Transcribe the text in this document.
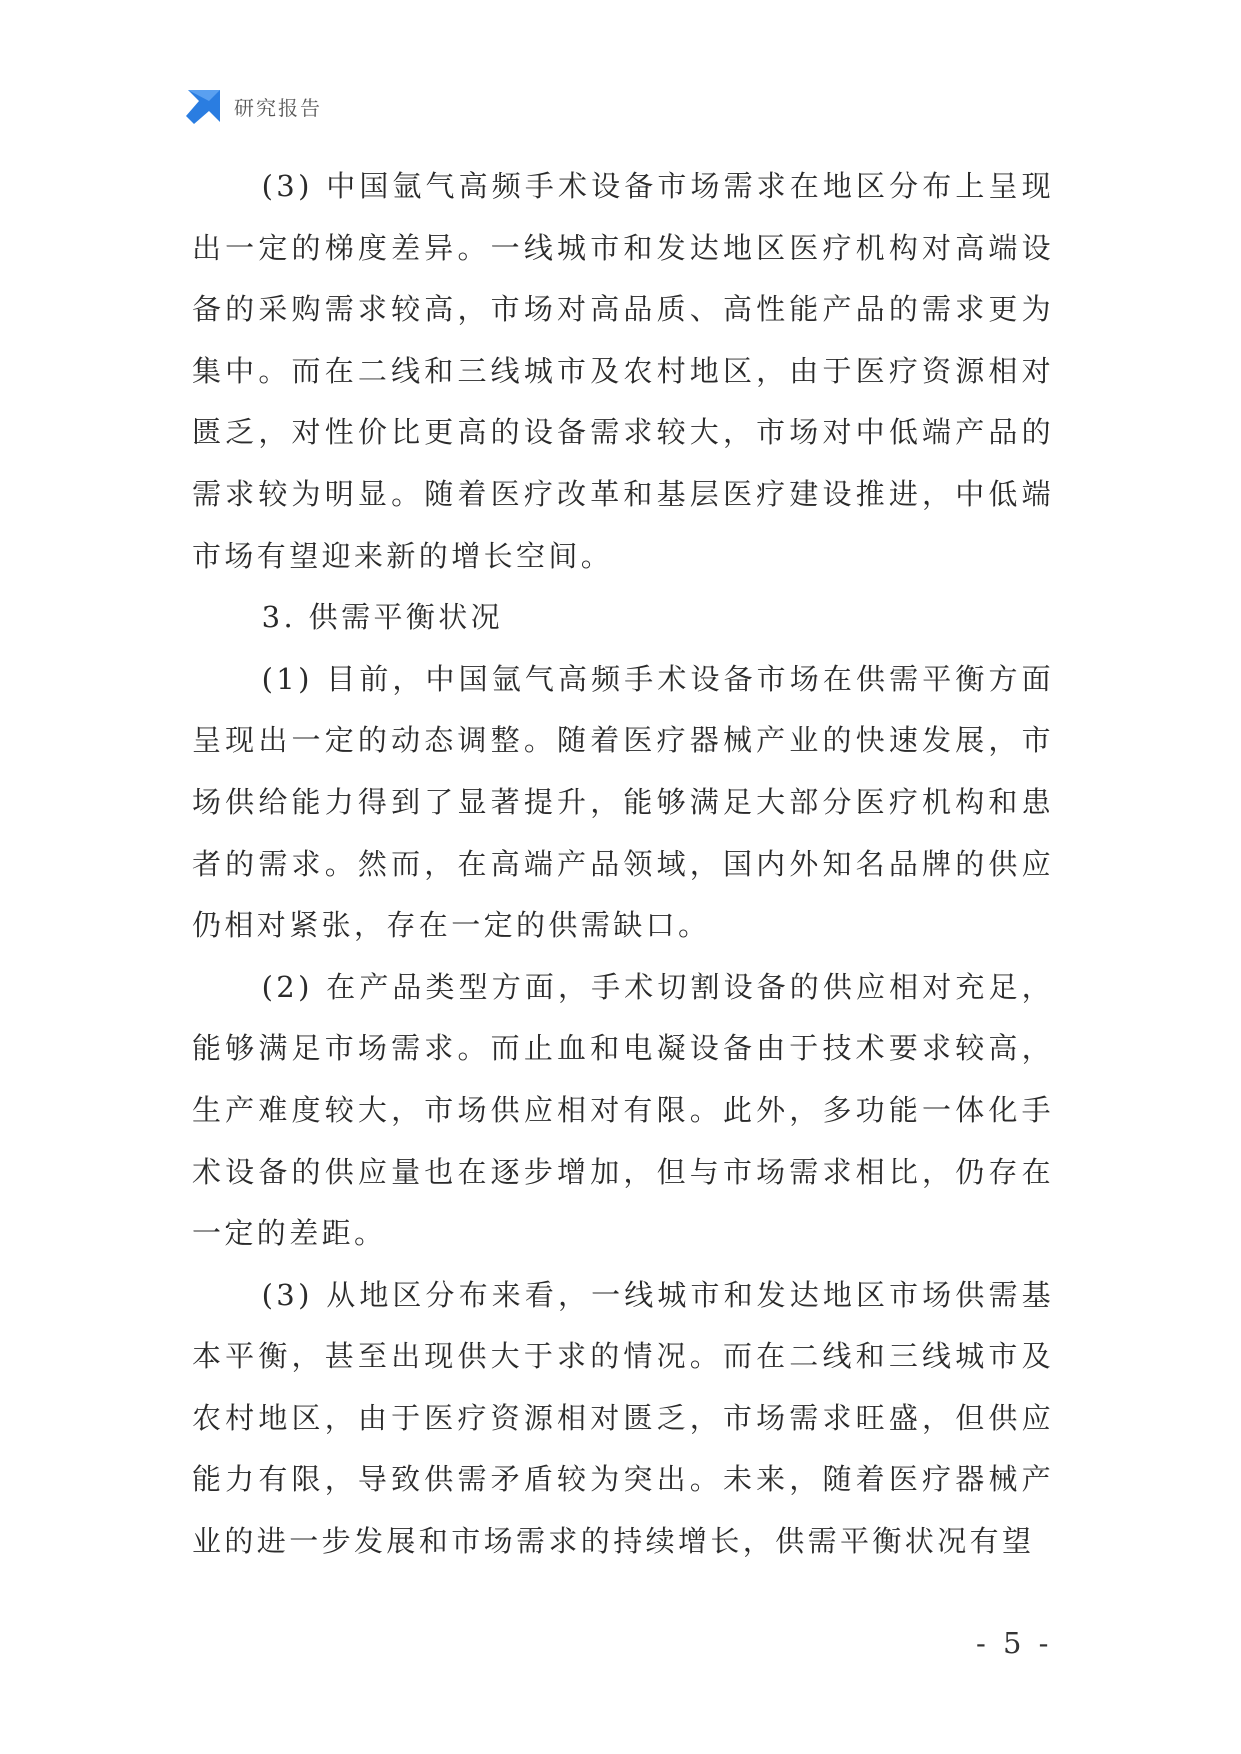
研究报告

(3) 中国氩气高频手术设备市场需求在地区分布上呈现出一定的梯度差异。一线城市和发达地区医疗机构对高端设备的采购需求较高，市场对高品质、高性能产品的需求更为集中。而在二线和三线城市及农村地区，由于医疗资源相对匮乏，对性价比更高的设备需求较大，市场对中低端产品的需求较为明显。随着医疗改革和基层医疗建设推进，中低端市场有望迎来新的增长空间。

3. 供需平衡状况

(1) 目前，中国氩气高频手术设备市场在供需平衡方面呈现出一定的动态调整。随着医疗器械产业的快速发展，市场供给能力得到了显著提升，能够满足大部分医疗机构和患者的需求。然而，在高端产品领域，国内外知名品牌的供应仍相对紧张，存在一定的供需缺口。

(2) 在产品类型方面，手术切割设备的供应相对充足，能够满足市场需求。而止血和电凝设备由于技术要求较高，生产难度较大，市场供应相对有限。此外，多功能一体化手术设备的供应量也在逐步增加，但与市场需求相比，仍存在一定的差距。

(3) 从地区分布来看，一线城市和发达地区市场供需基本平衡，甚至出现供大于求的情况。而在二线和三线城市及农村地区，由于医疗资源相对匮乏，市场需求旺盛，但供应能力有限，导致供需矛盾较为突出。未来，随着医疗器械产业的进一步发展和市场需求的持续增长，供需平衡状况有望

- 5 -
